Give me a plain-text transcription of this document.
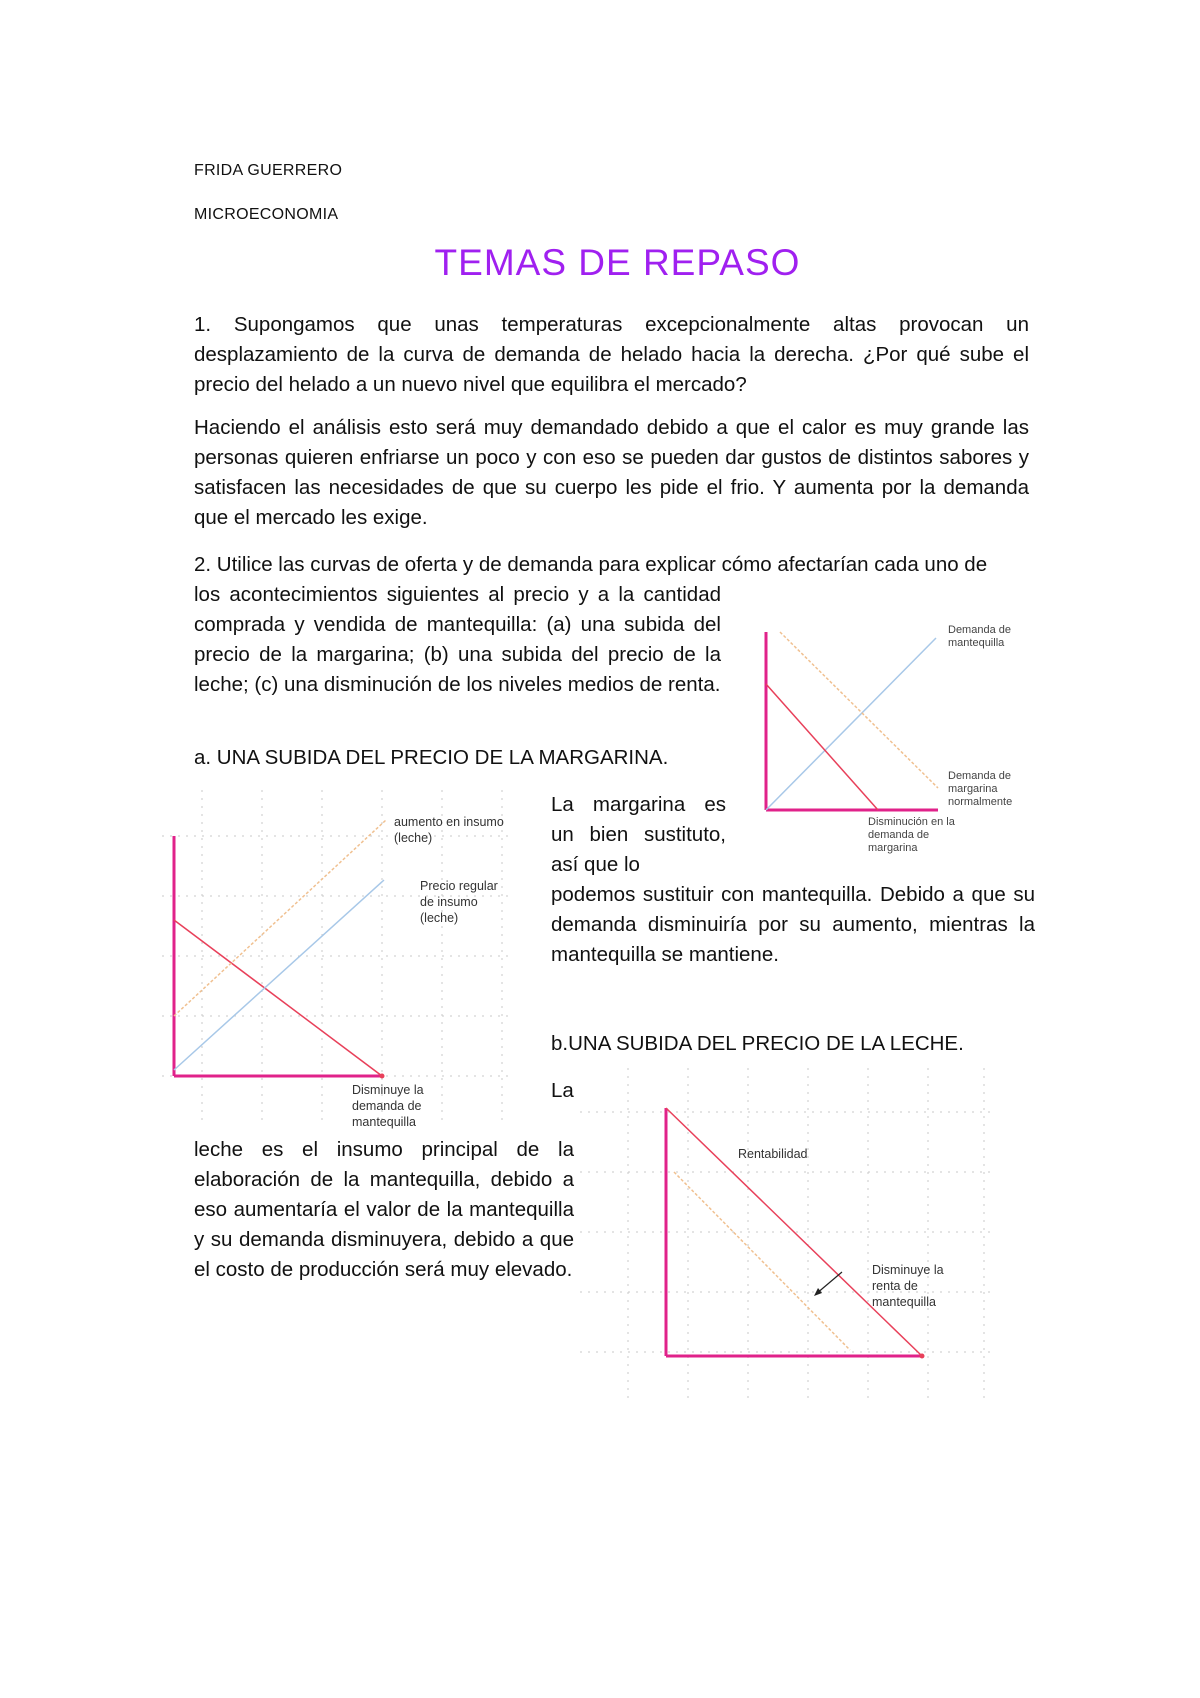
FRIDA GUERRERO
MICROECONOMIA
TEMAS DE REPASO
1. Supongamos que unas temperaturas excepcionalmente altas provocan un desplazamiento de la curva de demanda de helado hacia la derecha. ¿Por qué sube el precio del helado a un nuevo nivel que equilibra el mercado?
Haciendo el análisis esto será muy demandado debido a que el calor es muy grande las personas quieren enfriarse un poco y con eso se pueden dar gustos de distintos sabores y satisfacen las necesidades de que su cuerpo les pide el frio. Y aumenta por la demanda que el mercado les exige.
2. Utilice las curvas de oferta y de demanda para explicar cómo afectarían cada uno de
los acontecimientos siguientes al precio y a la cantidad comprada y vendida de mantequilla: (a) una subida del precio de la margarina; (b) una subida del precio de la leche; (c) una disminución de los niveles medios de renta.
a. UNA SUBIDA DEL PRECIO DE LA MARGARINA.
La margarina es un bien sustituto, así que lo
podemos sustituir con mantequilla. Debido a que su demanda disminuiría por su aumento, mientras la mantequilla se mantiene.
b.UNA SUBIDA DEL PRECIO DE LA LECHE.
La
leche es el insumo principal de la elaboración de la mantequilla, debido a eso aumentaría el valor de la mantequilla y su demanda disminuyera, debido a que el costo de producción será muy elevado.
Demanda de mantequilla
Demanda de margarina normalmente
Disminución en la demanda de margarina
aumento en insumo (leche)
Precio regular de insumo (leche)
Disminuye la demanda de mantequilla
Rentabilidad
Disminuye la renta de mantequilla
